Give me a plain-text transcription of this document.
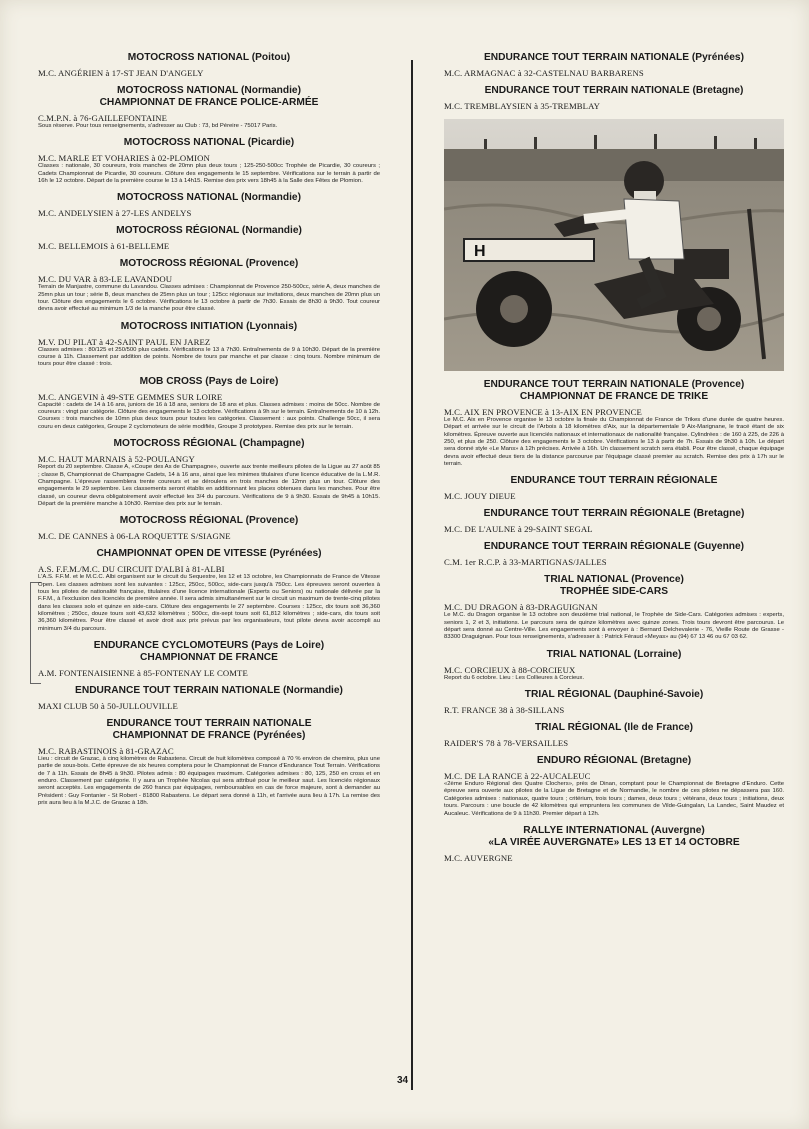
MOTOCROSS NATIONAL (Poitou)
M.C. ANGÉRIEN à 17-ST JEAN D'ANGELY
MOTOCROSS NATIONAL (Normandie)
CHAMPIONNAT DE FRANCE POLICE-ARMÉE
C.M.P.N. à 76-GAILLEFONTAINE
Sous réserve. Pour tous renseignements, s'adresser au Club : 73, bd Péreire - 75017 Paris.
MOTOCROSS NATIONAL (Picardie)
M.C. MARLE ET VOHARIES à 02-PLOMION
Classes : nationale, 30 coureurs, trois manches de 20mn plus deux tours ; 125-250-500cc Trophée de Picardie, 30 coureurs ; Cadets Championnat de Picardie, 30 coureurs. Clôture des engagements le 15 septembre. Vérifications sur le terrain à partir de 16h le 12 octobre. Départ de la première course le 13 à 14h15. Remise des prix vers 18h45 à la Salle des Fêtes de Plomion.
MOTOCROSS NATIONAL (Normandie)
M.C. ANDELYSIEN à 27-LES ANDELYS
MOTOCROSS RÉGIONAL (Normandie)
M.C. BELLEMOIS à 61-BELLEME
MOTOCROSS RÉGIONAL (Provence)
M.C. DU VAR à 83-LE LAVANDOU
Terrain de Manjastre, commune du Lavandou. Classes admises : Championnat de Provence 250-500cc, série A, deux manches de 25mn plus un tour ; série B, deux manches de 25mn plus un tour ; 125cc régionaux sur invitations, deux manches de 20mn plus un tour. Clôture des engagements le 6 octobre. Vérifications le 13 octobre à partir de 7h30. Essais de 8h30 à 9h30. Tout coureur devra avoir effectué au minimum 1/3 de la manche pour être classé.
MOTOCROSS INITIATION (Lyonnais)
M.V. DU PILAT à 42-SAINT PAUL EN JAREZ
Classes admises : 80/125 et 250/500 plus cadets. Vérifications le 13 à 7h30. Entraînements de 9 à 10h30. Départ de la première course à 11h. Classement par addition de points. Nombre de tours par manche et par classe : cinq tours. Nombre minimum de tours pour être classé : trois.
MOB CROSS (Pays de Loire)
M.C. ANGEVIN à 49-STE GEMMES SUR LOIRE
Capacité : cadets de 14 à 16 ans, juniors de 16 à 18 ans, seniors de 18 ans et plus. Classes admises : moins de 50cc. Nombre de coureurs : vingt par catégorie. Clôture des engagements le 13 octobre. Vérifications à 9h sur le terrain. Entraînements de 10 à 12h. Courses : trois manches de 10mn plus deux tours pour toutes les catégories. Classement : aux points. Challenge 50cc, il sera couru en deux catégories, Groupe 2 cyclomoteurs de série modifiés, Groupe 3 prototypes. Remise des prix sur le terrain.
MOTOCROSS RÉGIONAL (Champagne)
M.C. HAUT MARNAIS à 52-POULANGY
Report du 20 septembre. Classe A, «Coupe des As de Champagne», ouverte aux trente meilleurs pilotes de la Ligue au 27 août 85 ; classe B, Championnat de Champagne Cadets, 14 à 16 ans, ainsi que les minimes titulaires d'une licence éducative de la L.M.R. Champagne. L'épreuve rassemblera trente coureurs et se déroulera en trois manches de 12mn plus un tour. Clôture des engagements le 29 septembre. Les classements seront établis en additionnant les places obtenues dans les manches. Pour être classé, un coureur devra obligatoirement avoir effectué les 3/4 du parcours. Vérifications de 9 à 9h30. Essais de 9h45 à 10h15. Départ de la première manche à 10h30. Remise des prix sur le terrain.
MOTOCROSS RÉGIONAL (Provence)
M.C. DE CANNES à 06-LA ROQUETTE S/SIAGNE
CHAMPIONNAT OPEN DE VITESSE (Pyrénées)
A.S. F.F.M./M.C. DU CIRCUIT D'ALBI à 81-ALBI
L'A.S. F.F.M. et le M.C.C. Albi organisent sur le circuit du Sequestre, les 12 et 13 octobre, les Championnats de France de Vitesse Open. Les classes admises sont les suivantes : 125cc, 250cc, 500cc, side-cars jusqu'à 750cc. Les épreuves seront ouvertes à tous les pilotes de nationalité française, titulaires d'une licence internationale (Experts ou Seniors) ou nationale délivrée par la F.F.M., à l'exclusion des licenciés de première année. Il sera admis simultanément sur le circuit un maximum de trente-cinq pilotes dans les classes solo et quinze en side-cars. Clôture des engagements le 27 septembre. Courses : 125cc, dix tours soit 36,360 kilomètres ; 250cc, douze tours soit 43,632 kilomètres ; 500cc, dix-sept tours soit 61,812 kilomètres ; side-cars, dix tours soit 36,360 kilomètres. Pour être classé et avoir droit aux prix prévus par les organisateurs, tout pilote devra avoir accompli au minimum 3/4 du parcours.
ENDURANCE CYCLOMOTEURS (Pays de Loire)
CHAMPIONNAT DE FRANCE
A.M. FONTENAISIENNE à 85-FONTENAY LE COMTE
ENDURANCE TOUT TERRAIN NATIONALE (Normandie)
MAXI CLUB 50 à 50-JULLOUVILLE
ENDURANCE TOUT TERRAIN NATIONALE
CHAMPIONNAT DE FRANCE (Pyrénées)
M.C. RABASTINOIS à 81-GRAZAC
Lieu : circuit de Grazac, à cinq kilomètres de Rabastens. Circuit de huit kilomètres composé à 70 % environ de chemins, plus une partie de sous-bois. Cette épreuve de six heures comptera pour le Championnat de France d'Endurance Tout Terrain. Vérifications de 7 à 11h. Essais de 8h45 à 9h30. Pilotes admis : 80 équipages maximum. Catégories admises : 80, 125, 250 en cross et en enduro. Classement par catégorie. Il y aura un Trophée Nicolas qui sera attribué pour le meilleur saut. Les licenciés régionaux seront acceptés. Les engagements de 260 francs par équipages, remboursables en cas de force majeure, sont à demander au Président : Guy Fontanier - St Robert - 81800 Rabastens. Le départ sera donné à 11h, et l'arrivée aura lieu à 17h. La remise des prix aura lieu à la M.J.C. de Grazac à 18h.
ENDURANCE TOUT TERRAIN NATIONALE (Pyrénées)
M.C. ARMAGNAC à 32-CASTELNAU BARBARENS
ENDURANCE TOUT TERRAIN NATIONALE (Bretagne)
M.C. TREMBLAYSIEN à 35-TREMBLAY
H
ENDURANCE TOUT TERRAIN NATIONALE (Provence)
CHAMPIONNAT DE FRANCE DE TRIKE
M.C. AIX EN PROVENCE à 13-AIX EN PROVENCE
Le M.C. Aix en Provence organise le 13 octobre la finale du Championnat de France de Trikes d'une durée de quatre heures. Départ et arrivée sur le circuit de l'Arbois à 18 kilomètres d'Aix, sur la départementale 9 Aix-Marignane, le tracé étant de six kilomètres. Épreuve ouverte aux licenciés nationaux et internationaux de nationalité française. Cylindrées : de 160 à 225, de 226 à 250, et plus de 250. Clôture des engagements le 3 octobre. Vérifications le 13 à partir de 7h. Essais de 9h30 à 10h. Le départ sera donné style «Le Mans» à 12h précises. Arrivée à 16h. Un classement scratch sera établi. Pour être classé, chaque équipage devra avoir effectué deux tiers de la distance parcourue par l'équipage classé premier au scratch. Remise des prix à 17h sur le terrain.
ENDURANCE TOUT TERRAIN RÉGIONALE
M.C. JOUY DIEUE
ENDURANCE TOUT TERRAIN RÉGIONALE (Bretagne)
M.C. DE L'AULNE à 29-SAINT SEGAL
ENDURANCE TOUT TERRAIN RÉGIONALE (Guyenne)
C.M. 1er R.C.P. à 33-MARTIGNAS/JALLES
TRIAL NATIONAL (Provence)
TROPHÉE SIDE-CARS
M.C. DU DRAGON à 83-DRAGUIGNAN
Le M.C. du Dragon organise le 13 octobre son deuxième trial national, le Trophée de Side-Cars. Catégories admises : experts, seniors 1, 2 et 3, initiations. Le parcours sera de quinze kilomètres avec quinze zones. Trois tours devront être parcourus. Le départ sera donné au Centre-Ville. Les engagements sont à envoyer à : Bernard Delchevalerie - 76, Vieille Route de Grasse - 83300 Draguignan. Pour tous renseignements, s'adresser à : Patrick Féraud «Meyas» au (94) 67 13 46 ou 67 03 62.
TRIAL NATIONAL (Lorraine)
M.C. CORCIEUX à 88-CORCIEUX
Report du 6 octobre. Lieu : Les Collieures à Corcieux.
TRIAL RÉGIONAL (Dauphiné-Savoie)
R.T. FRANCE 38 à 38-SILLANS
TRIAL RÉGIONAL (Ile de France)
RAIDER'S 78 à 78-VERSAILLES
ENDURO RÉGIONAL (Bretagne)
M.C. DE LA RANCE à 22-AUCALEUC
«2ème Enduro Régional des Quatre Clochers», près de Dinan, comptant pour le Championnat de Bretagne d'Enduro. Cette épreuve sera ouverte aux pilotes de la Ligue de Bretagne et de Normandie, le nombre de ces pilotes ne dépassera pas 160. Catégories admises : nationaux, quatre tours ; critérium, trois tours ; dames, deux tours ; vétérans, deux tours ; initiations, deux tours. Parcours : une boucle de 42 kilomètres qui empruntera les communes de Vilde-Guingalan, La Landec, Saint Maudez et Aucaleuc. Vérifications de 9 à 11h30. Premier départ à 12h.
RALLYE INTERNATIONAL (Auvergne)
«LA VIRÉE AUVERGNATE» LES 13 ET 14 OCTOBRE
M.C. AUVERGNE
34
